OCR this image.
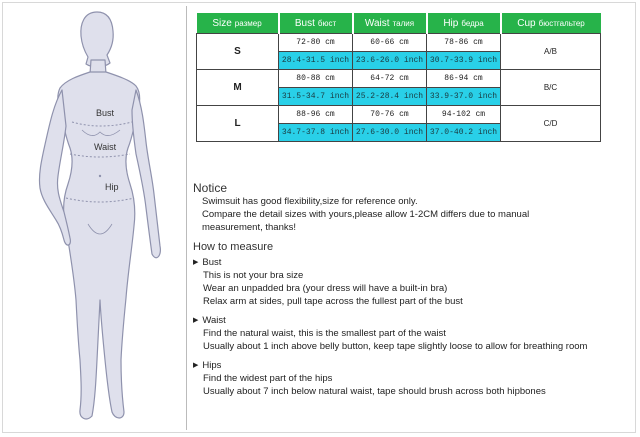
Bust
Waist
Hip
Size размер	Bust бюст	Waist талия	Hip бедра	Cup бюстгальтер
S	72-80 cm	60-66 cm	78-86 cm	A/B
	28.4-31.5 inch	23.6-26.0 inch	30.7-33.9 inch	
M	80-88 cm	64-72 cm	86-94 cm	B/C
	31.5-34.7 inch	25.2-28.4 inch	33.9-37.0 inch	
L	88-96 cm	70-76 cm	94-102 cm	C/D
	34.7-37.8 inch	27.6-30.0 inch	37.0-40.2 inch	
Notice
Swimsuit has good flexibility,size for reference only.
Compare the detail sizes with yours,please allow 1-2CM differs due to manual
measurement, thanks!
How to measure
▶ Bust
This is not your bra size
Wear an unpadded bra (your dress will have a built-in bra)
Relax arm at sides, pull tape across the fullest part of the bust
▶ Waist
Find the natural waist, this is the smallest part of the waist
Usually about 1 inch above belly button, keep tape slightly loose to allow for breathing room
▶ Hips
Find the widest part of the hips
Usually about 7 inch below natural waist, tape should brush across both hipbones
